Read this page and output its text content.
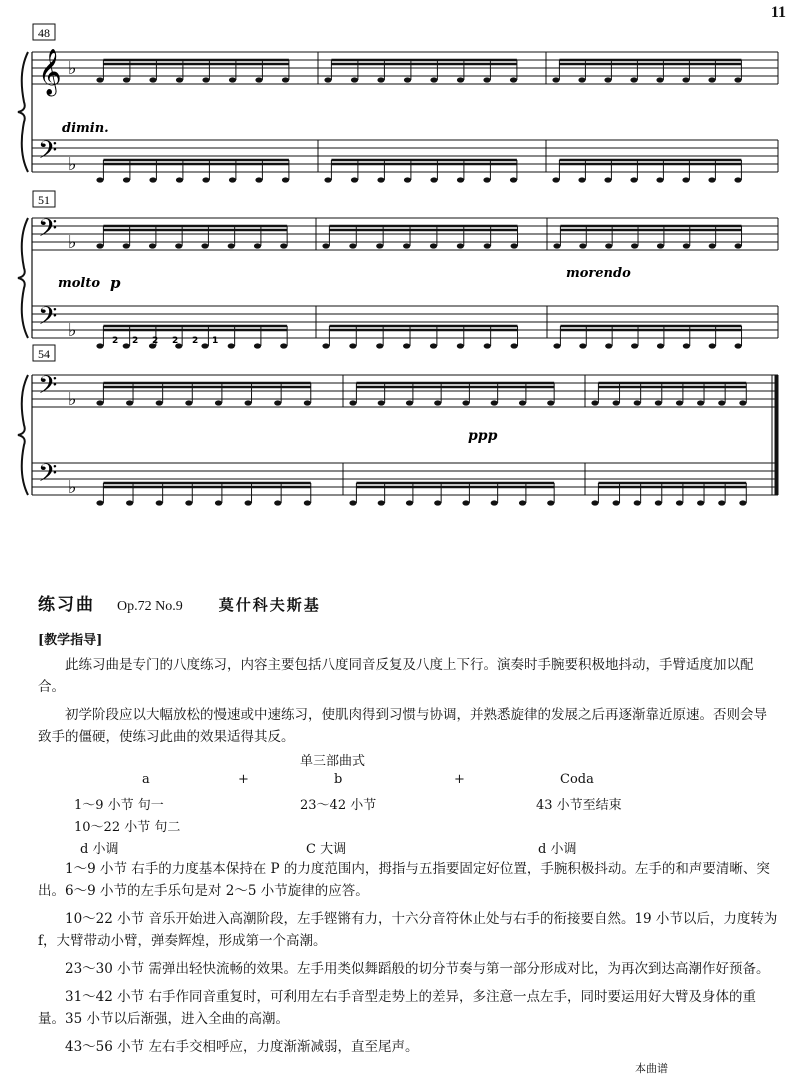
48
51
54
𝄞 ♭
𝄢 ♭
𝄢 ♭
𝄢 ♭
𝄢 ♭
𝄢 ♭
dimin.
molto p
morendo
ppp
2 2 2 2 2 1
11
练习曲 Op.72 No.9 莫什科夫斯基
[教学指导]

此练习曲是专门的八度练习，内容主要包括八度同音反复及八度上下行。演奏时手腕要积极地抖动，手臂适度加以配合。

初学阶段应以大幅放松的慢速或中速练习，使肌肉得到习惯与协调，并熟悉旋律的发展之后再逐渐靠近原速。否则会导致手的僵硬，使练习此曲的效果适得其反。

单三部曲式
a	+	b	+	Coda
1～9 小节 句一	23～42 小节	43 小节至结束
10～22 小节 句二
d 小调	C 大调	d 小调

1～9 小节 右手的力度基本保持在 P 的力度范围内，拇指与五指要固定好位置，手腕积极抖动。左手的和声要清晰、突出。6～9 小节的左手乐句是对 2～5 小节旋律的应答。

10～22 小节 音乐开始进入高潮阶段，左手铿锵有力，十六分音符休止处与右手的衔接要自然。19 小节以后，力度转为 f，大臂带动小臂，弹奏辉煌，形成第一个高潮。

23～30 小节 需弹出轻快流畅的效果。左手用类似舞蹈般的切分节奏与第一部分形成对比，为再次到达高潮作好预备。

31～42 小节 右手作同音重复时，可利用左右手音型走势上的差异，多注意一点左手，同时要运用好大臂及身体的重量。35 小节以后渐强，进入全曲的高潮。

43～56 小节 左右手交相呼应，力度渐渐减弱，直至尾声。

本曲谱
